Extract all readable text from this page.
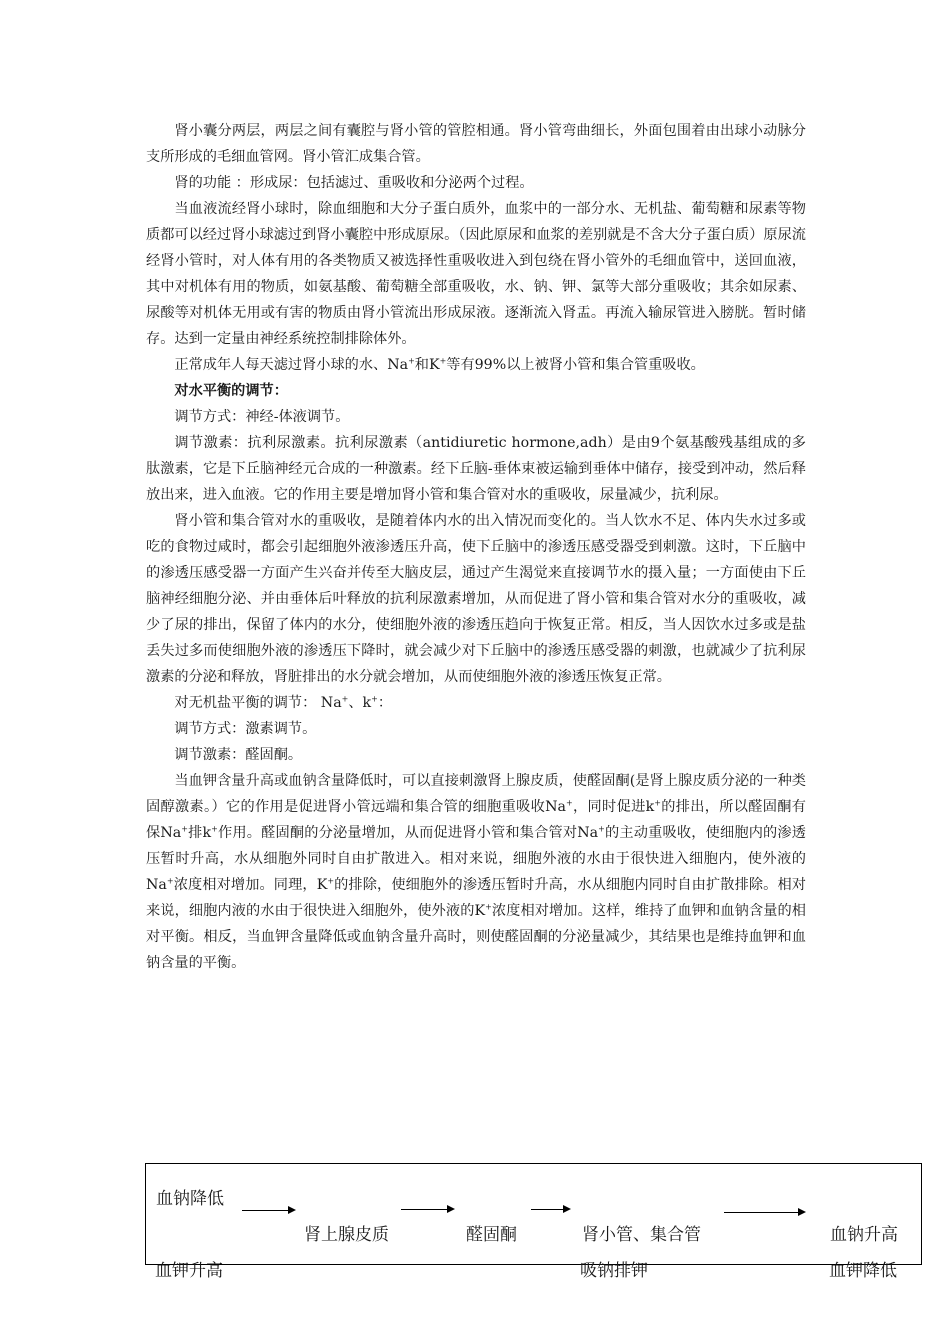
肾小囊分两层，两层之间有囊腔与肾小管的管腔相通。肾小管弯曲细长，外面包围着由出球小动脉分支所形成的毛细血管网。肾小管汇成集合管。

肾的功能 ：形成尿：包括滤过、重吸收和分泌两个过程。

当血液流经肾小球时，除血细胞和大分子蛋白质外，血浆中的一部分水、无机盐、葡萄糖和尿素等物质都可以经过肾小球滤过到肾小囊腔中形成原尿。（因此原尿和血浆的差别就是不含大分子蛋白质）原尿流经肾小管时，对人体有用的各类物质又被选择性重吸收进入到包绕在肾小管外的毛细血管中，送回血液，其中对机体有用的物质，如氨基酸、葡萄糖全部重吸收，水、钠、钾、氯等大部分重吸收；其余如尿素、尿酸等对机体无用或有害的物质由肾小管流出形成尿液。逐渐流入肾盂。再流入输尿管进入膀胱。暂时储存。达到一定量由神经系统控制排除体外。

正常成年人每天滤过肾小球的水、Na+和K+等有99%以上被肾小管和集合管重吸收。

对水平衡的调节：

调节方式：神经-体液调节。

调节激素：抗利尿激素。抗利尿激素（antidiuretic hormone,adh）是由9个氨基酸残基组成的多肽激素，它是下丘脑神经元合成的一种激素。经下丘脑-垂体束被运输到垂体中储存，接受到冲动，然后释放出来，进入血液。它的作用主要是增加肾小管和集合管对水的重吸收，尿量减少，抗利尿。

肾小管和集合管对水的重吸收，是随着体内水的出入情况而变化的。当人饮水不足、体内失水过多或吃的食物过咸时，都会引起细胞外液渗透压升高，使下丘脑中的渗透压感受器受到刺激。这时，下丘脑中的渗透压感受器一方面产生兴奋并传至大脑皮层，通过产生渴觉来直接调节水的摄入量；一方面使由下丘脑神经细胞分泌、并由垂体后叶释放的抗利尿激素增加，从而促进了肾小管和集合管对水分的重吸收，减少了尿的排出，保留了体内的水分，使细胞外液的渗透压趋向于恢复正常。相反，当人因饮水过多或是盐丢失过多而使细胞外液的渗透压下降时，就会减少对下丘脑中的渗透压感受器的刺激，也就减少了抗利尿激素的分泌和释放，肾脏排出的水分就会增加，从而使细胞外液的渗透压恢复正常。

对无机盐平衡的调节： Na+、k+：

调节方式：激素调节。

调节激素：醛固酮。

当血钾含量升高或血钠含量降低时，可以直接刺激肾上腺皮质，使醛固酮(是肾上腺皮质分泌的一种类固醇激素。）它的作用是促进肾小管远端和集合管的细胞重吸收Na+，同时促进k+的排出，所以醛固酮有保Na+排k+作用。醛固酮的分泌量增加，从而促进肾小管和集合管对Na+的主动重吸收，使细胞内的渗透压暂时升高，水从细胞外同时自由扩散进入。相对来说，细胞外液的水由于很快进入细胞内，使外液的Na+浓度相对增加。同理，K+的排除，使细胞外的渗透压暂时升高，水从细胞内同时自由扩散排除。相对来说，细胞内液的水由于很快进入细胞外，使外液的K+浓度相对增加。这样，维持了血钾和血钠含量的相对平衡。相反，当血钾含量降低或血钠含量升高时，则使醛固酮的分泌量减少，其结果也是维持血钾和血钠含量的平衡。

血钠降低
肾上腺皮质	醛固酮	肾小管、集合管	血钠升高
血钾升高	吸钠排钾	血钾降低
